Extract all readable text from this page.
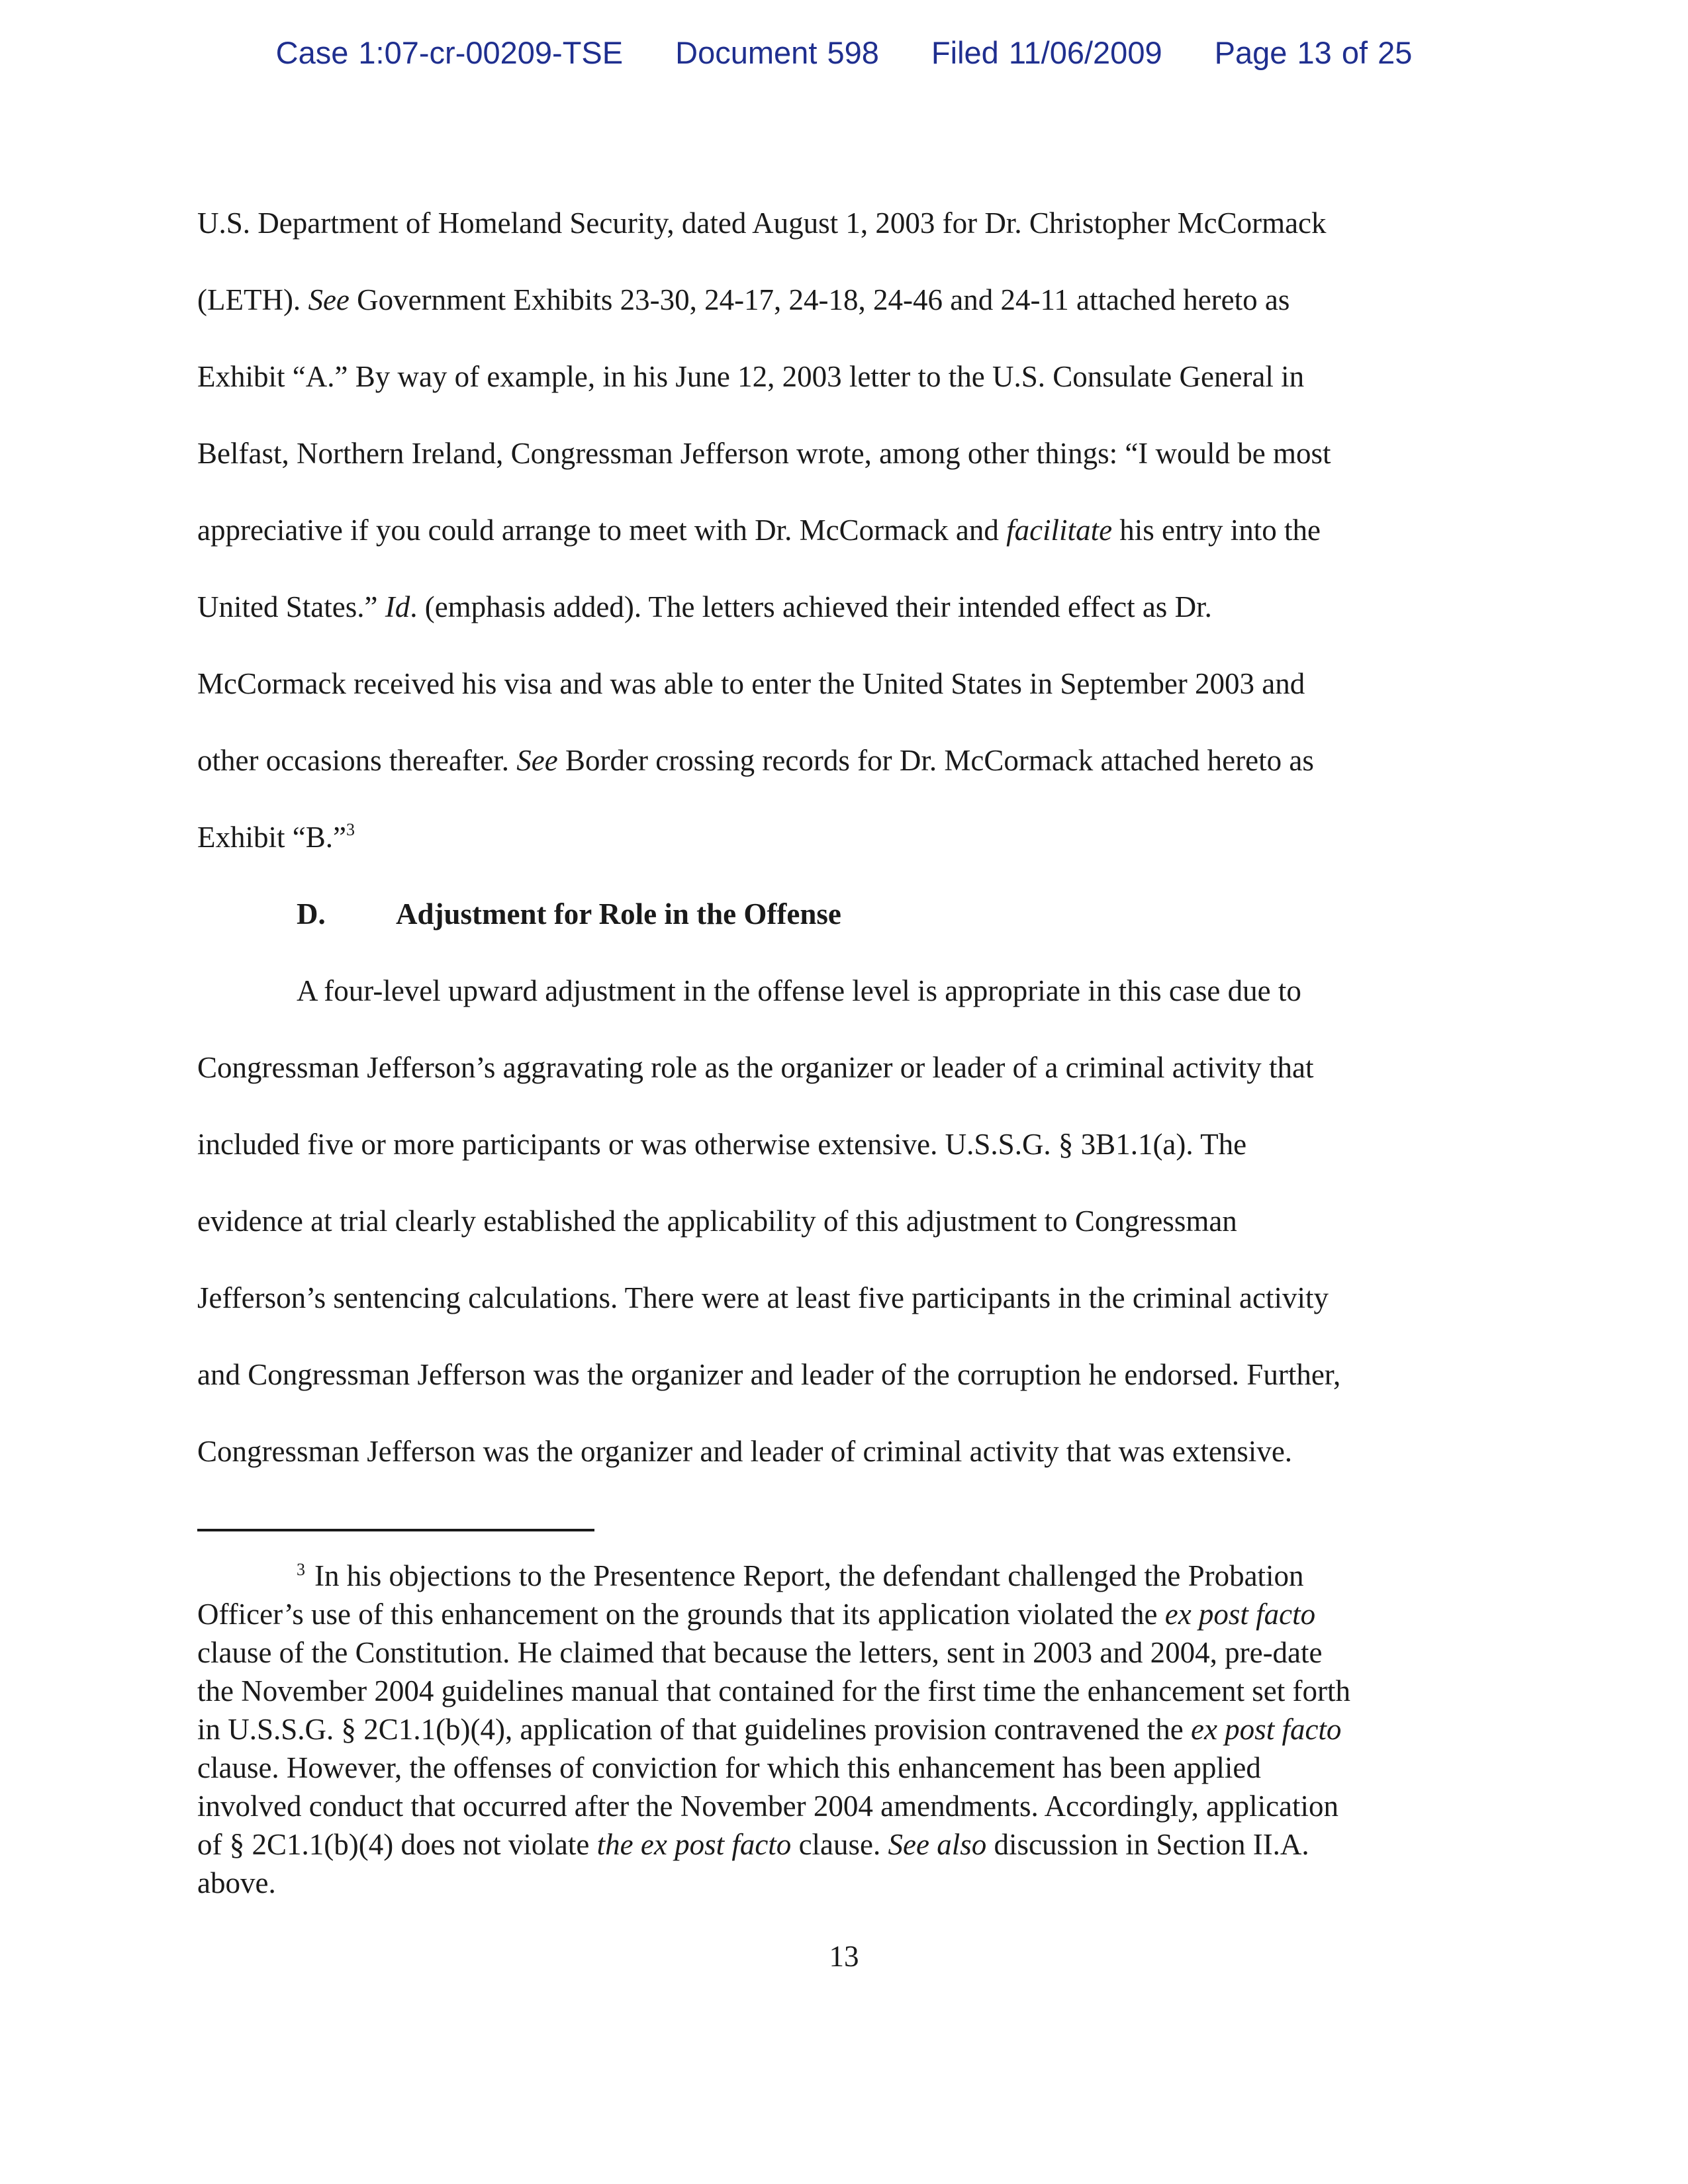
Case 1:07-cr-00209-TSE Document 598 Filed 11/06/2009 Page 13 of 25
U.S. Department of Homeland Security, dated August 1, 2003 for Dr. Christopher McCormack
(LETH). See Government Exhibits 23-30, 24-17, 24-18, 24-46 and 24-11 attached hereto as
Exhibit “A.” By way of example, in his June 12, 2003 letter to the U.S. Consulate General in
Belfast, Northern Ireland, Congressman Jefferson wrote, among other things: “I would be most
appreciative if you could arrange to meet with Dr. McCormack and facilitate his entry into the
United States.” Id. (emphasis added). The letters achieved their intended effect as Dr.
McCormack received his visa and was able to enter the United States in September 2003 and
other occasions thereafter. See Border crossing records for Dr. McCormack attached hereto as
Exhibit “B.”$^3$
D. Adjustment for Role in the Offense
A four-level upward adjustment in the offense level is appropriate in this case due to
Congressman Jefferson’s aggravating role as the organizer or leader of a criminal activity that
included five or more participants or was otherwise extensive. U.S.S.G. § 3B1.1(a). The
evidence at trial clearly established the applicability of this adjustment to Congressman
Jefferson’s sentencing calculations. There were at least five participants in the criminal activity
and Congressman Jefferson was the organizer and leader of the corruption he endorsed. Further,
Congressman Jefferson was the organizer and leader of criminal activity that was extensive.
$^3$ In his objections to the Presentence Report, the defendant challenged the Probation
Officer’s use of this enhancement on the grounds that its application violated the ex post facto
clause of the Constitution. He claimed that because the letters, sent in 2003 and 2004, pre-date
the November 2004 guidelines manual that contained for the first time the enhancement set forth
in U.S.S.G. § 2C1.1(b)(4), application of that guidelines provision contravened the ex post facto
clause. However, the offenses of conviction for which this enhancement has been applied
involved conduct that occurred after the November 2004 amendments. Accordingly, application
of § 2C1.1(b)(4) does not violate the ex post facto clause. See also discussion in Section II.A.
above.
13
